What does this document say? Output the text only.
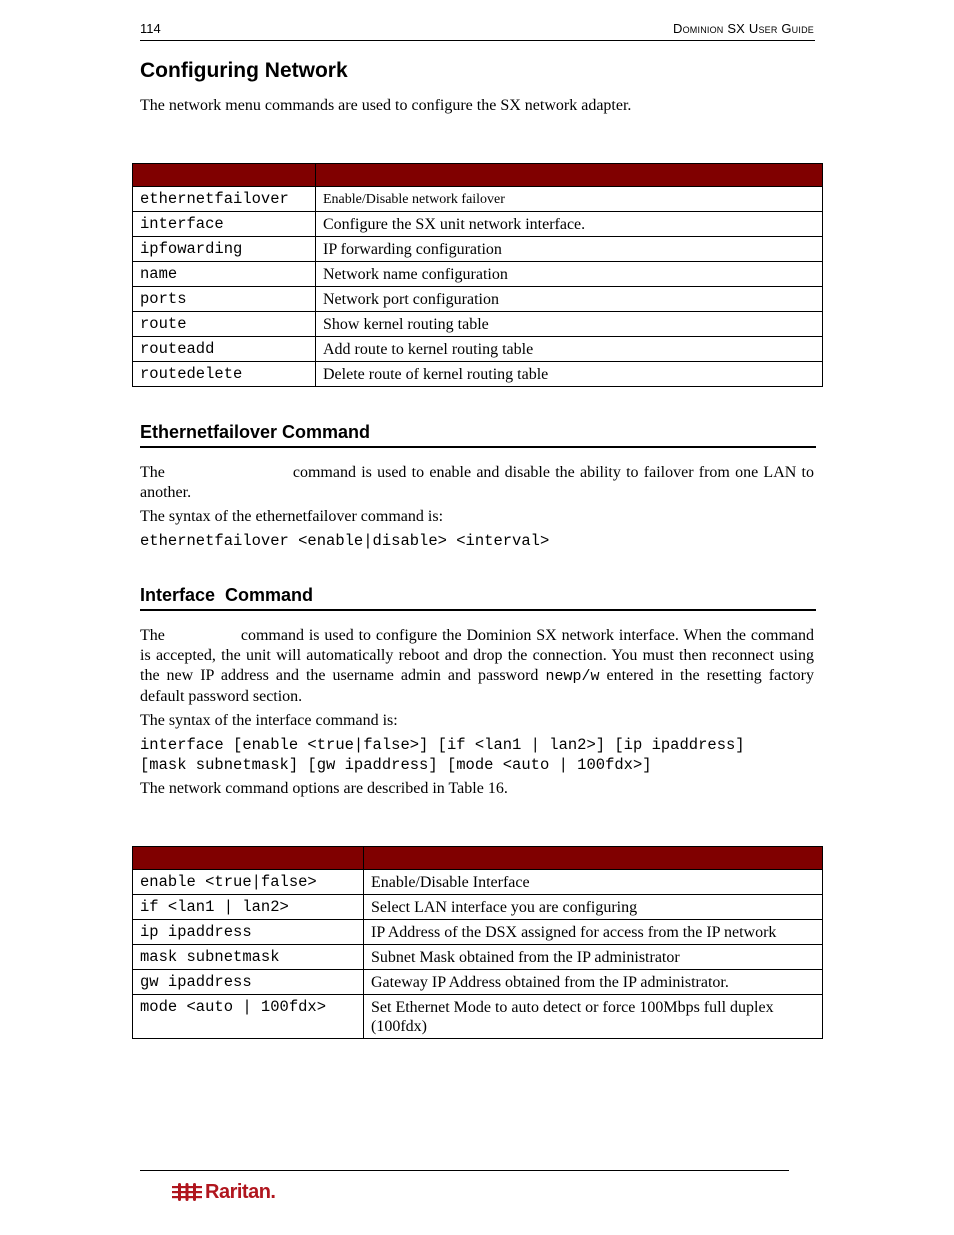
114	Dominion SX User Guide
Configuring Network
The network menu commands are used to configure the SX network adapter.

ethernetfailover	Enable/Disable network failover
interface	Configure the SX unit network interface.
ipfowarding	IP forwarding configuration
name	Network name configuration
ports	Network port configuration
route	Show kernel routing table
routeadd	Add route to kernel routing table
routedelete	Delete route of kernel routing table
Ethernetfailover Command
The	command is used to enable and disable the ability to failover from one LAN to another.
The syntax of the ethernetfailover command is:
ethernetfailover <enable|disable> <interval>
Interface  Command
The	command is used to configure the Dominion SX network interface. When the command is accepted, the unit will automatically reboot and drop the connection. You must then reconnect using the new IP address and the username admin and password newp/w entered in the resetting factory default password section.
The syntax of the interface command is:
interface [enable <true|false>] [if <lan1 | lan2>] [ip ipaddress]
[mask subnetmask] [gw ipaddress] [mode <auto | 100fdx>]
The network command options are described in Table 16.

enable <true|false>	Enable/Disable Interface
if <lan1 | lan2>	Select LAN interface you are configuring
ip ipaddress	IP Address of the DSX assigned for access from the IP network
mask subnetmask	Subnet Mask obtained from the IP administrator
gw ipaddress	Gateway IP Address obtained from the IP administrator.
mode <auto | 100fdx>	Set Ethernet Mode to auto detect or force 100Mbps full duplex (100fdx)
Raritan.
